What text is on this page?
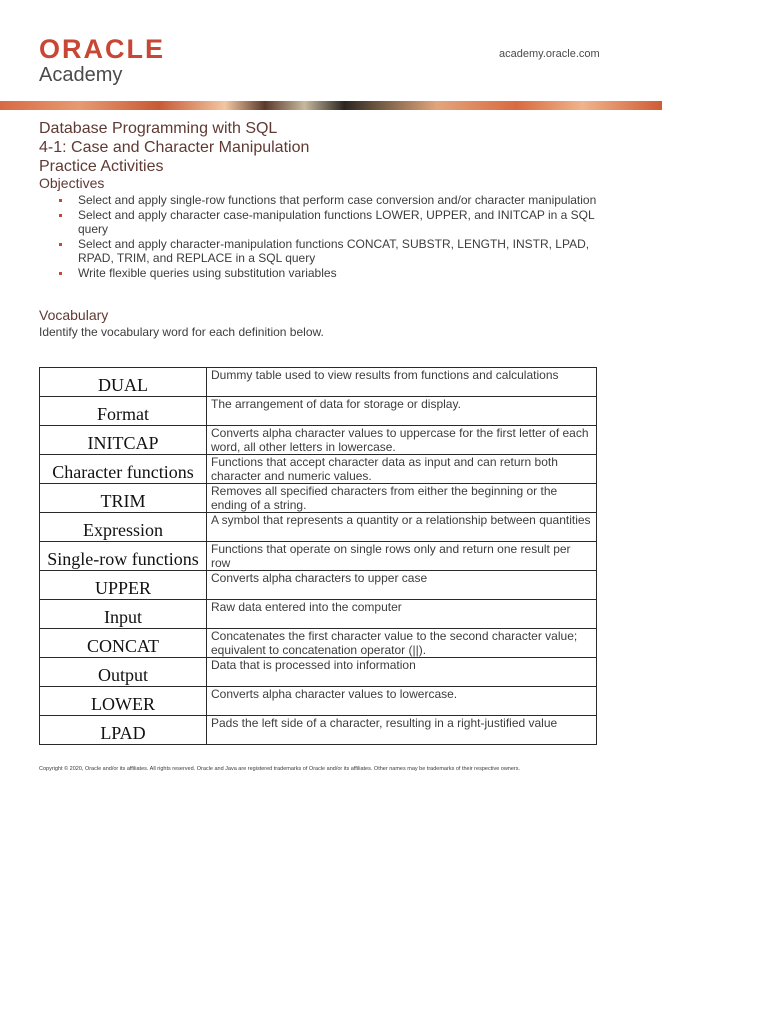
ORACLE
Academy
academy.oracle.com
Database Programming with SQL
4-1: Case and Character Manipulation
Practice Activities
Objectives
Select and apply single-row functions that perform case conversion and/or character manipulation
Select and apply character case-manipulation functions LOWER, UPPER, and INITCAP in a SQL query
Select and apply character-manipulation functions CONCAT, SUBSTR, LENGTH, INSTR, LPAD, RPAD, TRIM, and REPLACE in a SQL query
Write flexible queries using substitution variables
Vocabulary
Identify the vocabulary word for each definition below.
DUAL	Dummy table used to view results from functions and calculations
Format	The arrangement of data for storage or display.
INITCAP	Converts alpha character values to uppercase for the first letter of each word, all other letters in lowercase.
Character functions	Functions that accept character data as input and can return both character and numeric values.
TRIM	Removes all specified characters from either the beginning or the ending of a string.
Expression	A symbol that represents a quantity or a relationship between quantities
Single-row functions	Functions that operate on single rows only and return one result per row
UPPER	Converts alpha characters to upper case
Input	Raw data entered into the computer
CONCAT	Concatenates the first character value to the second character value; equivalent to concatenation operator (||).
Output	Data that is processed into information
LOWER	Converts alpha character values to lowercase.
LPAD	Pads the left side of a character, resulting in a right-justified value
Copyright © 2020, Oracle and/or its affiliates. All rights reserved. Oracle and Java are registered trademarks of Oracle and/or its affiliates. Other names may be trademarks of their respective owners.
